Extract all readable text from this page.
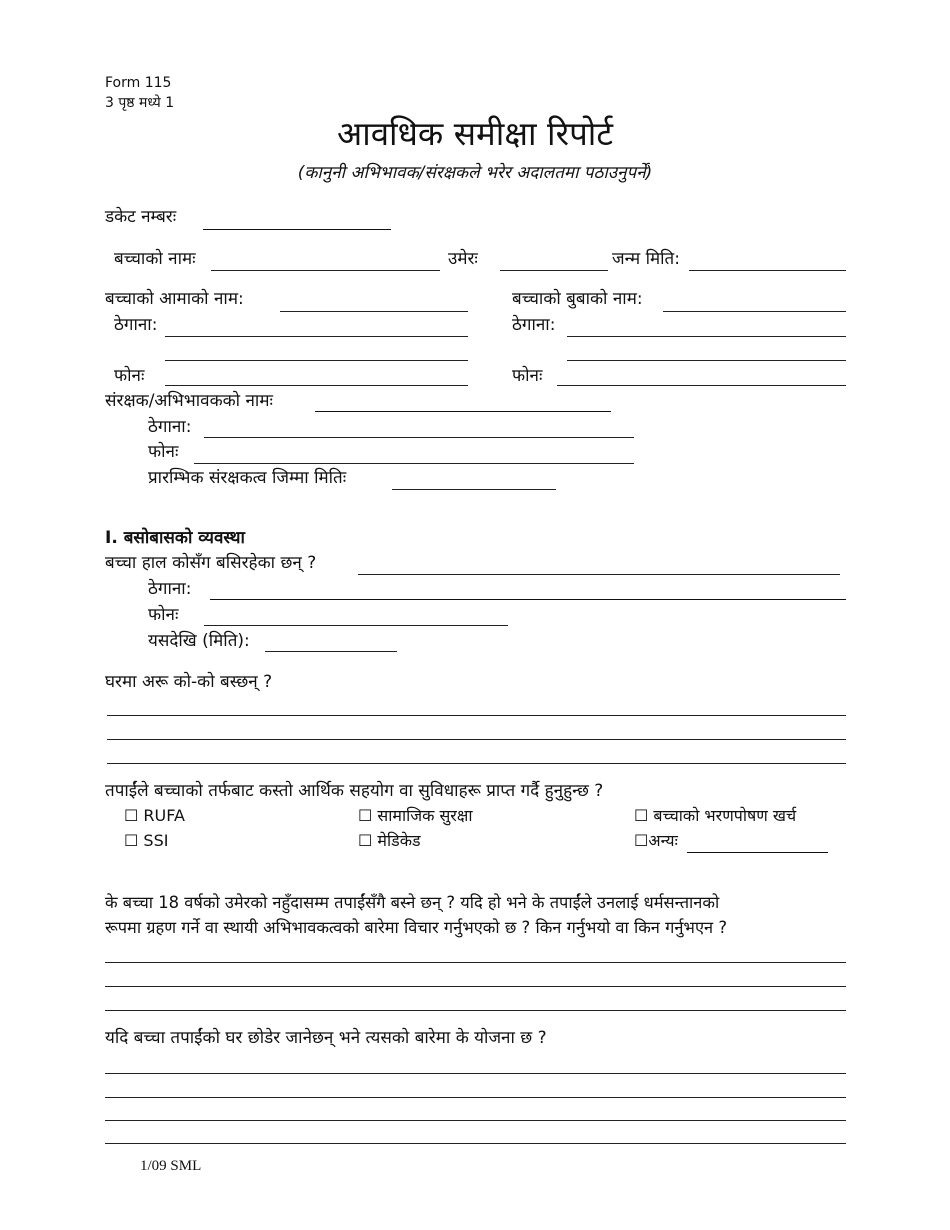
Form 115
3 पृष्ठ मध्ये 1
आवधिक समीक्षा रिपोर्ट
(कानुनी अभिभावक/संरक्षकले भरेर अदालतमा पठाउनुपर्ने)
डकेट नम्बरः
बच्चाको नामः	उमेरः	जन्म मिति:
बच्चाको आमाको नाम:
ठेगाना:
फोनः
बच्चाको बुबाको नाम:
ठेगाना:
फोनः
संरक्षक/अभिभावकको नामः
ठेगाना:
फोनः
प्रारम्भिक संरक्षकत्व जिम्मा मितिः
I. बसोबासको व्यवस्था
बच्चा हाल कोसँग बसिरहेका छन् ?
ठेगाना:
फोनः
यसदेखि (मिति):
घरमा अरू को-को बस्छन् ?
तपाईंले बच्चाको तर्फबाट कस्तो आर्थिक सहयोग वा सुविधाहरू प्राप्त गर्दै हुनुहुन्छ ?
☐ RUFA	☐ सामाजिक सुरक्षा	☐ बच्चाको भरणपोषण खर्च
☐ SSI	☐ मेडिकेड	☐अन्यः
के बच्चा 18 वर्षको उमेरको नहुँदासम्म तपाईंसँगै बस्ने छन् ? यदि हो भने के तपाईंले उनलाई धर्मसन्तानको
रूपमा ग्रहण गर्ने वा स्थायी अभिभावकत्वको बारेमा विचार गर्नुभएको छ ? किन गर्नुभयो वा किन गर्नुभएन ?
यदि बच्चा तपाईंको घर छोडेर जानेछन् भने त्यसको बारेमा के योजना छ ?
1/09 SML
